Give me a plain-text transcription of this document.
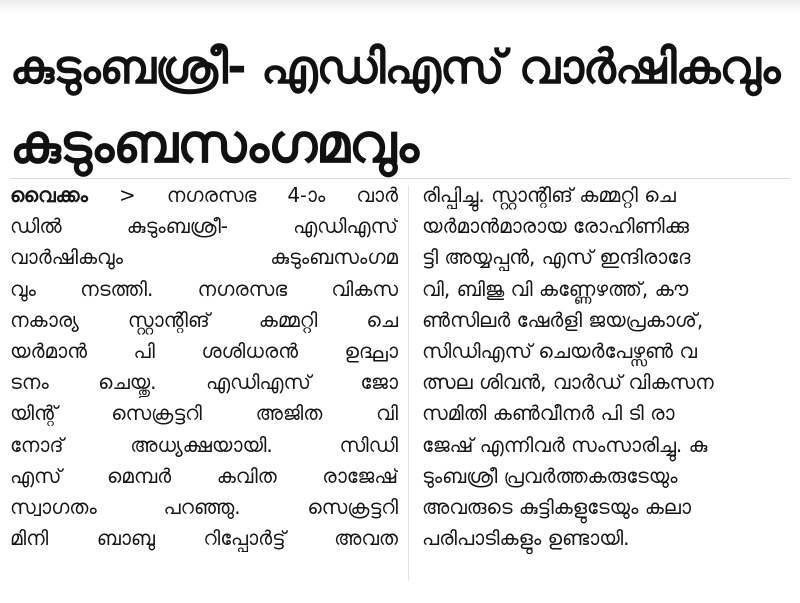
കുടുംബശ്രീ- എഡിഎസ് വാർഷികവും
കുടുംബസംഗമവും
വൈക്കം > നഗരസഭ 4-ാം വാർ
ഡിൽ കുടുംബശ്രീ- എഡിഎസ്
വാർഷികവും കുടുംബസംഗമ
വും നടത്തി. നഗരസഭ വികസ
നകാര്യ സ്റ്റാന്റിങ് കമ്മറ്റി ചെ
യർമാൻ പി ശശിധരൻ ഉദ്ഘാ
ടനം ചെയ്തു. എഡിഎസ് ജോ
യിന്റ് സെക്രട്ടറി അജിത വി
നോദ് അധ്യക്ഷയായി. സിഡി
എസ് മെമ്പർ കവിത രാജേഷ്
സ്വാഗതം പറഞ്ഞു. സെക്രട്ടറി
മിനി ബാബു റിപ്പോർട്ട് അവത
രിപ്പിച്ചു. സ്റ്റാന്റിങ് കമ്മറ്റി ചെ
യർമാൻമാരായ രോഹിണിക്കു
ട്ടി അയ്യപ്പൻ, എസ് ഇന്ദിരാദേ
വി, ബിജു വി കണ്ണേഴത്ത്, കൗ
ൺസിലർ ഷേർളി ജയപ്രകാശ്,
സിഡിഎസ് ചെയർപേഴ്സൺ വ
ത്സല ശിവൻ, വാർഡ് വികസന
സമിതി കൺവീനർ പി ടി രാ
ജേഷ് എന്നിവർ സംസാരിച്ചു. കു
ടുംബശ്രീ പ്രവർത്തകരുടേയും
അവരുടെ കുട്ടികളുടേയും കലാ
പരിപാടികളും ഉണ്ടായി.
